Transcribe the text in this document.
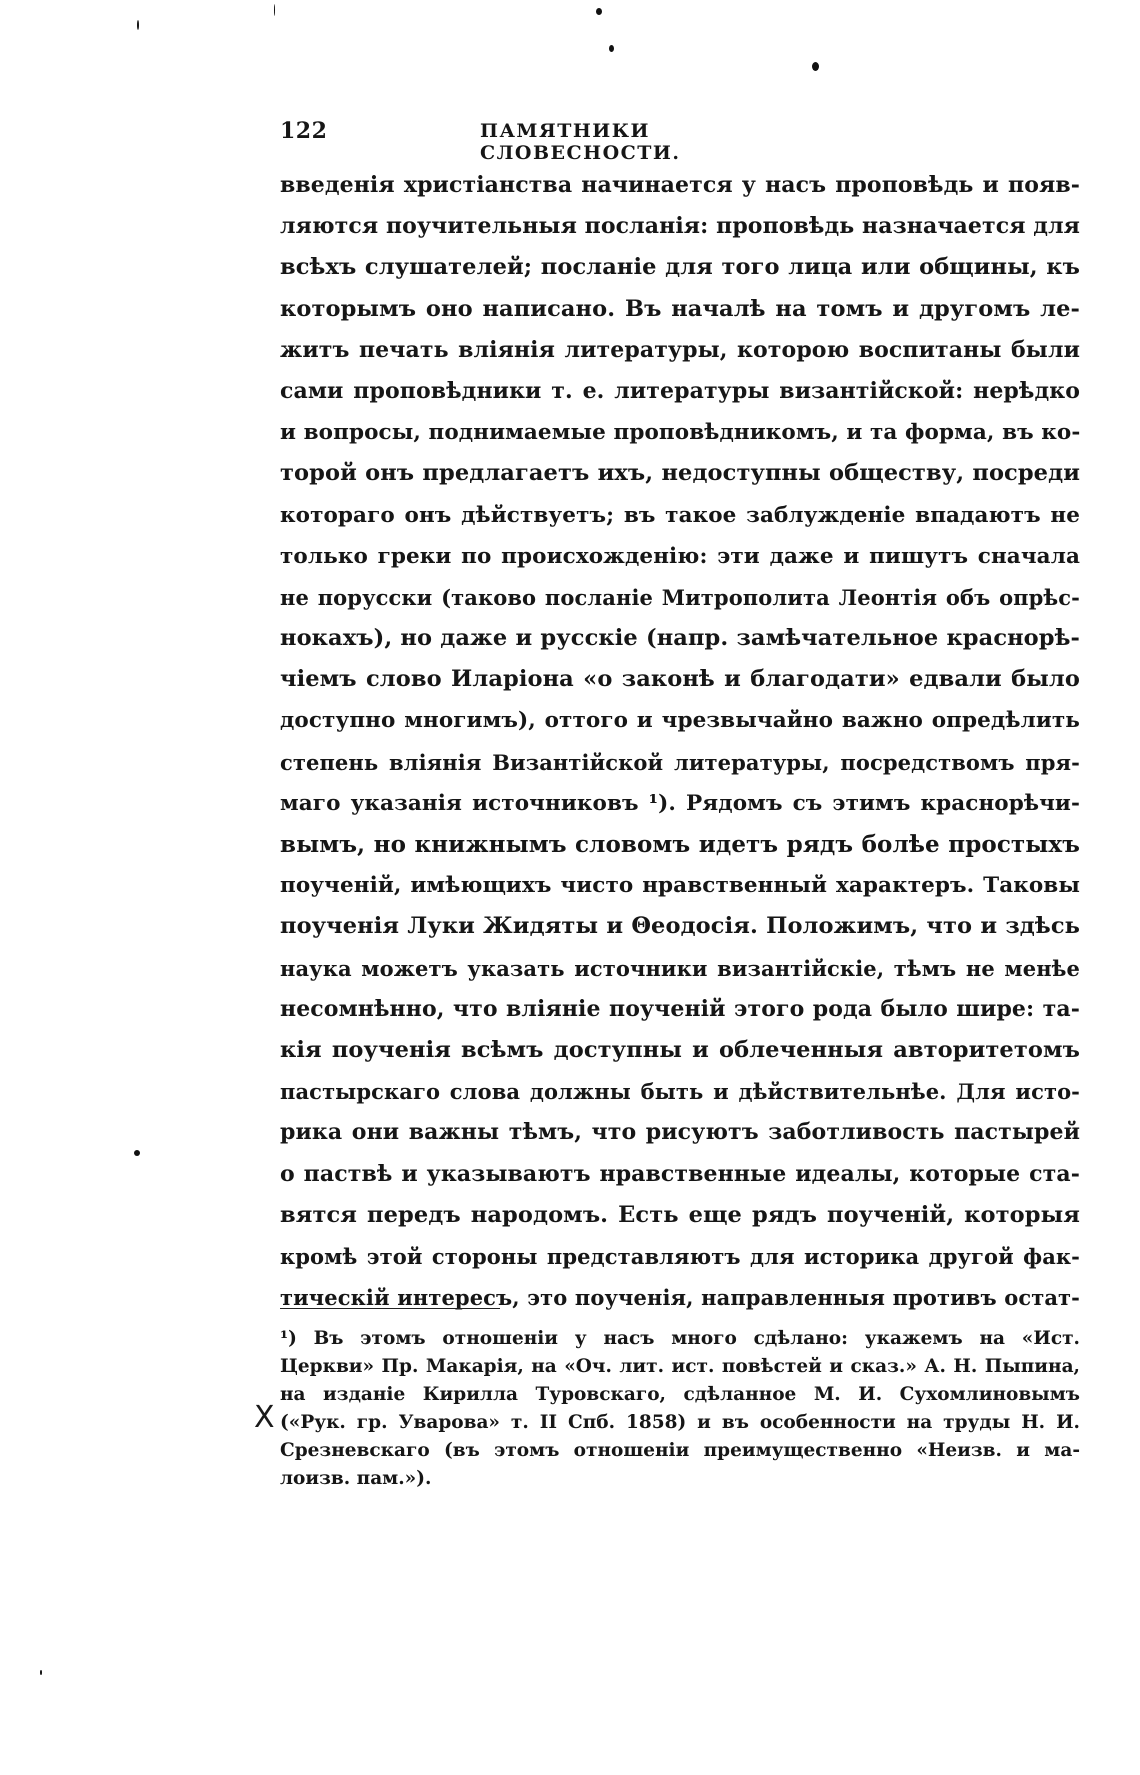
122	ПАМЯТНИКИ СЛОВЕСНОСТИ.
введенія христіанства начинается у насъ проповѣдь и появ-
ляются поучительныя посланія: проповѣдь назначается для
всѣхъ слушателей; посланіе для того лица или общины, къ
которымъ оно написано. Въ началѣ на томъ и другомъ ле-
житъ печать вліянія литературы, которою воспитаны были
сами проповѣдники т. е. литературы византійской: нерѣдко
и вопросы, поднимаемые проповѣдникомъ, и та форма, въ ко-
торой онъ предлагаетъ ихъ, недоступны обществу, посреди
котораго онъ дѣйствуетъ; въ такое заблужденіе впадаютъ не
только греки по происхожденію: эти даже и пишутъ сначала
не порусски (таково посланіе Митрополита Леонтія объ опрѣс-
нокахъ), но даже и русскіе (напр. замѣчательное краснорѣ-
чіемъ слово Иларіона «о законѣ и благодати» едвали было
доступно многимъ), оттого и чрезвычайно важно опредѣлить
степень вліянія Византійской литературы, посредствомъ пря-
маго указанія источниковъ ¹). Рядомъ съ этимъ краснорѣчи-
вымъ, но книжнымъ словомъ идетъ рядъ болѣе простыхъ
поученій, имѣющихъ чисто нравственный характеръ. Таковы
поученія Луки Жидяты и Θеодосія. Положимъ, что и здѣсь
наука можетъ указать источники византійскіе, тѣмъ не менѣе
несомнѣнно, что вліяніе поученій этого рода было шире: та-
кія поученія всѣмъ доступны и облеченныя авторитетомъ
пастырскаго слова должны быть и дѣйствительнѣе. Для исто-
рика они важны тѣмъ, что рисуютъ заботливость пастырей
о паствѣ и указываютъ нравственные идеалы, которые ста-
вятся передъ народомъ. Есть еще рядъ поученій, которыя
кромѣ этой стороны представляютъ для историка другой фак-
тическій интересъ, это поученія, направленныя противъ остат-
X
¹) Въ этомъ отношеніи у насъ много сдѣлано: укажемъ на «Ист.
Церкви» Пр. Макарія, на «Оч. лит. ист. повѣстей и сказ.» А. Н. Пыпина,
на изданіе Кирилла Туровскаго, сдѣланное М. И. Сухомлиновымъ
(«Рук. гр. Уварова» т. II Спб. 1858) и въ особенности на труды Н. И.
Срезневскаго (въ этомъ отношеніи преимущественно «Неизв. и ма-
лоизв. пам.»).
